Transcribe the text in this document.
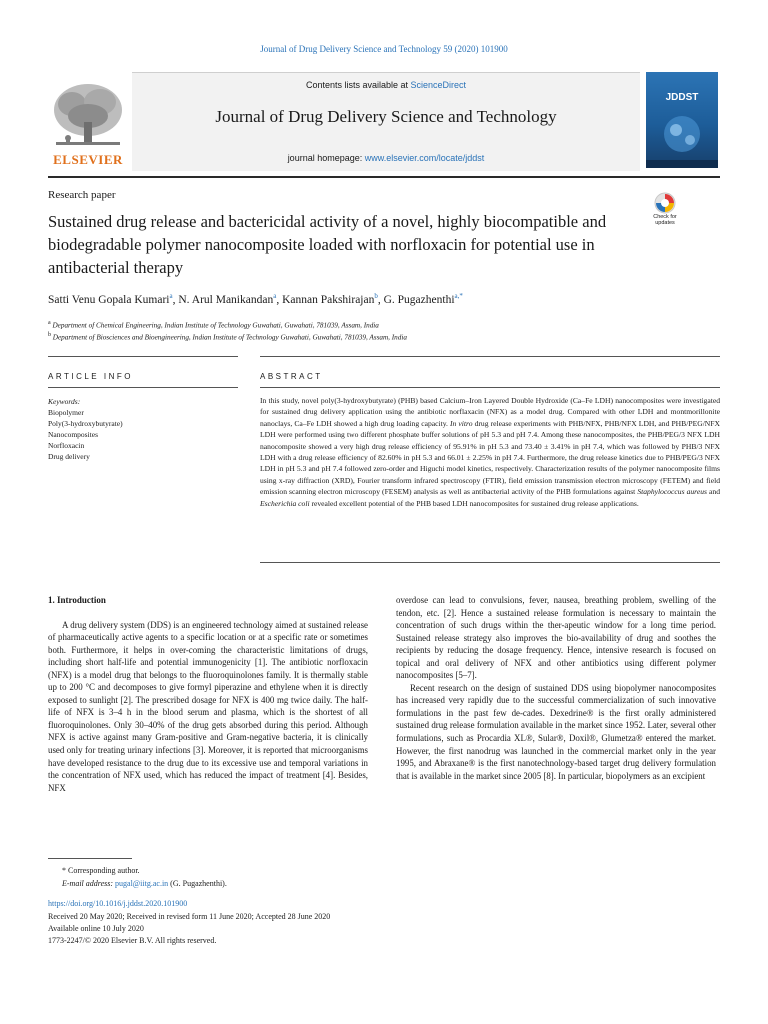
Journal of Drug Delivery Science and Technology 59 (2020) 101900
ELSEVIER
Contents lists available at ScienceDirect
Journal of Drug Delivery Science and Technology
journal homepage: www.elsevier.com/locate/jddst
JDDST
Research paper
Sustained drug release and bactericidal activity of a novel, highly biocompatible and biodegradable polymer nanocomposite loaded with norfloxacin for potential use in antibacterial therapy
Check for updates
Satti Venu Gopala Kumari$^a$, N. Arul Manikandan$^a$, Kannan Pakshirajan$^b$, G. Pugazhenthi$^{a,*}$
$^a$ Department of Chemical Engineering, Indian Institute of Technology Guwahati, Guwahati, 781039, Assam, India
$^b$ Department of Biosciences and Bioengineering, Indian Institute of Technology Guwahati, Guwahati, 781039, Assam, India
ARTICLE INFO	ABSTRACT
Keywords:
Biopolymer
Poly(3-hydroxybutyrate)
Nanocomposites
Norfloxacin
Drug delivery

In this study, novel poly(3-hydroxybutyrate) (PHB) based Calcium–Iron Layered Double Hydroxide (Ca–Fe LDH) nanocomposites were investigated for sustained drug delivery application using the antibiotic norflaxacin (NFX) as a model drug. Compared with other LDH and montmorillonite nanoclays, Ca–Fe LDH showed a high drug loading capacity. In vitro drug release experiments with PHB/NFX, PHB/NFX LDH, and PHB/PEG/NFX LDH were performed using two different phosphate buffer solutions of pH 5.3 and pH 7.4. Among these nanocomposites, the PHB/PEG/3 NFX LDH nanocomposite showed a very high drug release efficiency of 95.91% in pH 5.3 and 73.40 ± 3.41% in pH 7.4, which was followed by PHB/3 NFX LDH with a drug release efficiency of 82.60% in pH 5.3 and 66.01 ± 2.25% in pH 7.4. Furthermore, the drug release kinetics due to PHB/PEG/3 NFX LDH in pH 5.3 and pH 7.4 followed zero-order and Higuchi model kinetics, respectively. Characterization results of the polymer nanocomposite films using x-ray diffraction (XRD), Fourier transform infrared spectroscopy (FTIR), field emission transmission electron microscopy (FETEM) and field emission scanning electron microscopy (FESEM) analysis as well as antibacterial activity of the PHB formulations against Staphylococcus aureus and Escherichia coli revealed excellent potential of the PHB based LDH nanocomposites for sustained drug release applications.

1. Introduction

A drug delivery system (DDS) is an engineered technology aimed at sustained release of pharmaceutically active agents to a specific location or at a specific rate or sometimes both. Furthermore, it helps in over-coming the characteristic limitations of drugs, including short half-life and potential immunogenicity [1]. The antibiotic norfloxacin (NFX) is a model drug that belongs to the fluoroquinolones family. It is thermally stable up to 200 °C and decomposes to give formyl piperazine and ethylene when it is directly exposed to sunlight [2]. The prescribed dosage for NFX is 400 mg twice daily. The half-life of NFX is 3–4 h in the blood serum and plasma, which is the shortest of all fluoroquinolones. Only 30–40% of the drug gets absorbed during this period. Although NFX is active against many Gram-positive and Gram-negative bacteria, it is clinically used only for treating urinary infections [3]. Moreover, it is reported that microorganisms have developed resistance to the drug due to its excessive use and temporal variations in the concentration of NFX used, which has reduced the impact of treatment [4]. Besides, NFX

overdose can lead to convulsions, fever, nausea, breathing problem, swelling of the tendon, etc. [2]. Hence a sustained release formulation is necessary to maintain the concentration of such drugs within the ther-apeutic window for a long time period. Sustained release strategy also improves the bio-availability of drug and soothes the recipients by reducing the dosage frequency. Hence, intensive research is focused on topical and oral delivery of NFX and other antibiotics using different polymer nanocomposites [5–7].

Recent research on the design of sustained DDS using biopolymer nanocomposites has increased very rapidly due to the successful commercialization of such innovative formulations in the past few de-cades. Dexedrine® is the first orally administered sustained drug release formulation available in the market since 1952. Later, several other formulations, such as Procardia XL®, Sular®, Doxil®, Glumetza® entered the market. However, the first nanodrug was launched in the commercial market only in the year 1995, and Abraxane® is the first nanotechnology-based target drug delivery formulation that is available in the market since 2005 [8]. In particular, biopolymers as an excipient

* Corresponding author.
E-mail address: pugal@iitg.ac.in (G. Pugazhenthi).
https://doi.org/10.1016/j.jddst.2020.101900
Received 20 May 2020; Received in revised form 11 June 2020; Accepted 28 June 2020
Available online 10 July 2020
1773-2247/© 2020 Elsevier B.V. All rights reserved.
